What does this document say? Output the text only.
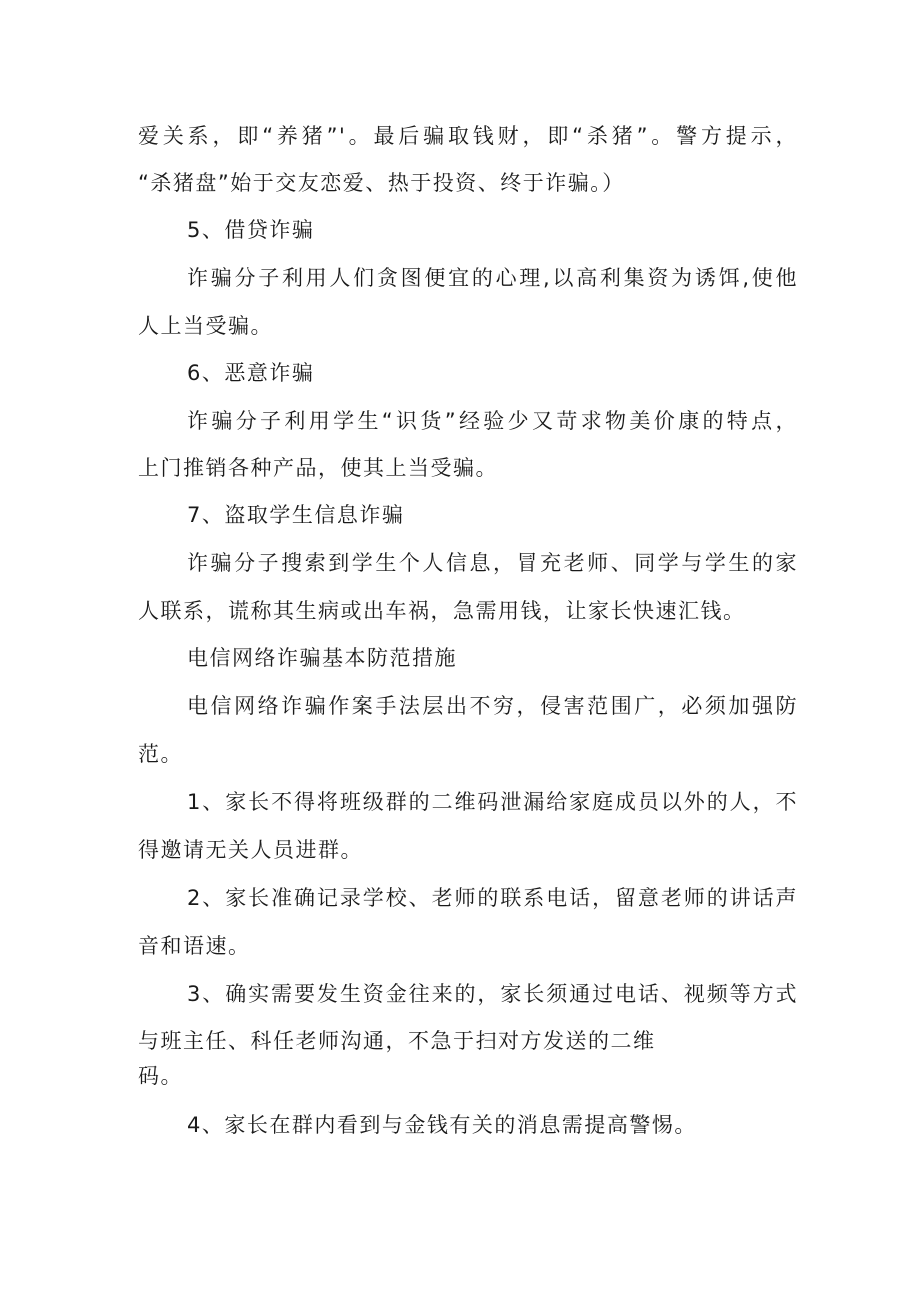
爱关系，即“养猪”'。最后骗取钱财，即“杀猪”。警方提示，
“杀猪盘”始于交友恋爱、热于投资、终于诈骗。）
5、借贷诈骗
诈骗分子利用人们贪图便宜的心理,以高利集资为诱饵,使他
人上当受骗。
6、恶意诈骗
诈骗分子利用学生“识货”经验少又苛求物美价康的特点，
上门推销各种产品，使其上当受骗。
7、盗取学生信息诈骗
诈骗分子搜索到学生个人信息，冒充老师、同学与学生的家
人联系，谎称其生病或出车祸，急需用钱，让家长快速汇钱。
电信网络诈骗基本防范措施
电信网络诈骗作案手法层出不穷，侵害范围广，必须加强防
范。
1、家长不得将班级群的二维码泄漏给家庭成员以外的人，不
得邀请无关人员进群。
2、家长准确记录学校、老师的联系电话，留意老师的讲话声
音和语速。
3、确实需要发生资金往来的，家长须通过电话、视频等方式
与班主任、科任老师沟通，不急于扫对方发送的二维
码。
4、家长在群内看到与金钱有关的消息需提高警惕。
